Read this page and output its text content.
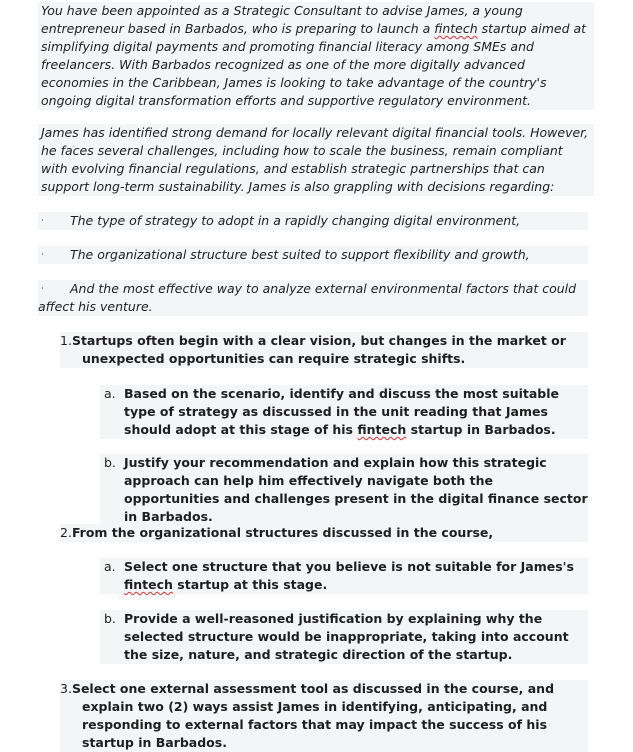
You have been appointed as a Strategic Consultant to advise James, a young entrepreneur based in Barbados, who is preparing to launch a fintech startup aimed at simplifying digital payments and promoting financial literacy among SMEs and freelancers. With Barbados recognized as one of the more digitally advanced economies in the Caribbean, James is looking to take advantage of the country's ongoing digital transformation efforts and supportive regulatory environment.
James has identified strong demand for locally relevant digital financial tools. However, he faces several challenges, including how to scale the business, remain compliant with evolving financial regulations, and establish strategic partnerships that can support long-term sustainability. James is also grappling with decisions regarding:
·	The type of strategy to adopt in a rapidly changing digital environment,
·	The organizational structure best suited to support flexibility and growth,
·	And the most effective way to analyze external environmental factors that could affect his venture.
1.Startups often begin with a clear vision, but changes in the market or unexpected opportunities can require strategic shifts.
a. Based on the scenario, identify and discuss the most suitable type of strategy as discussed in the unit reading that James should adopt at this stage of his fintech startup in Barbados.
b. Justify your recommendation and explain how this strategic approach can help him effectively navigate both the opportunities and challenges present in the digital finance sector in Barbados.
2.From the organizational structures discussed in the course,
a. Select one structure that you believe is not suitable for James's fintech startup at this stage.
b. Provide a well-reasoned justification by explaining why the selected structure would be inappropriate, taking into account the size, nature, and strategic direction of the startup.
3.Select one external assessment tool as discussed in the course, and explain two (2) ways assist James in identifying, anticipating, and responding to external factors that may impact the success of his startup in Barbados.
